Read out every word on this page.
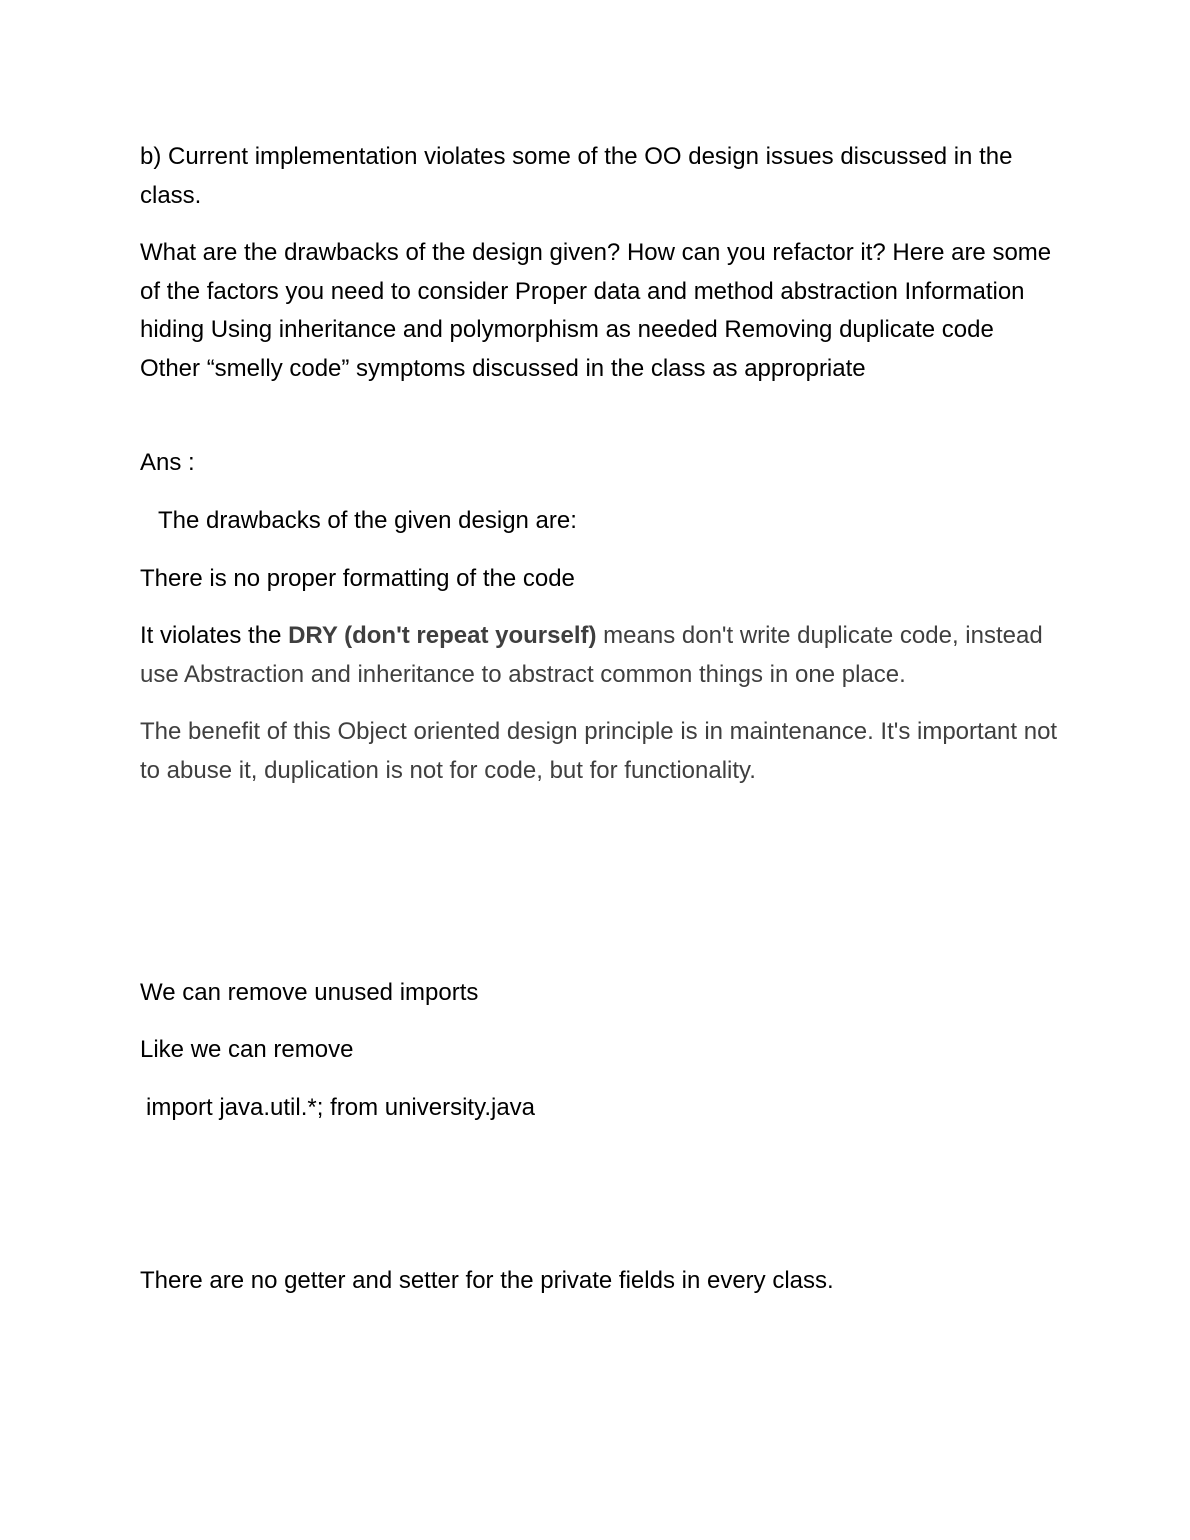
b) Current implementation violates some of the OO design issues discussed in the class.

What are the drawbacks of the design given? How can you refactor it? Here are some of the factors you need to consider Proper data and method abstraction Information hiding Using inheritance and polymorphism as needed Removing duplicate code Other “smelly code” symptoms discussed in the class as appropriate

Ans :

The drawbacks of the given design are:

There is no proper formatting of the code

It violates the DRY (don't repeat yourself) means don't write duplicate code, instead use Abstraction and inheritance to abstract common things in one place.

The benefit of this Object oriented design principle is in maintenance. It's important not to abuse it, duplication is not for code, but for functionality.

We can remove unused imports

Like we can remove

import java.util.*; from university.java

There are no getter and setter for the private fields in every class.
